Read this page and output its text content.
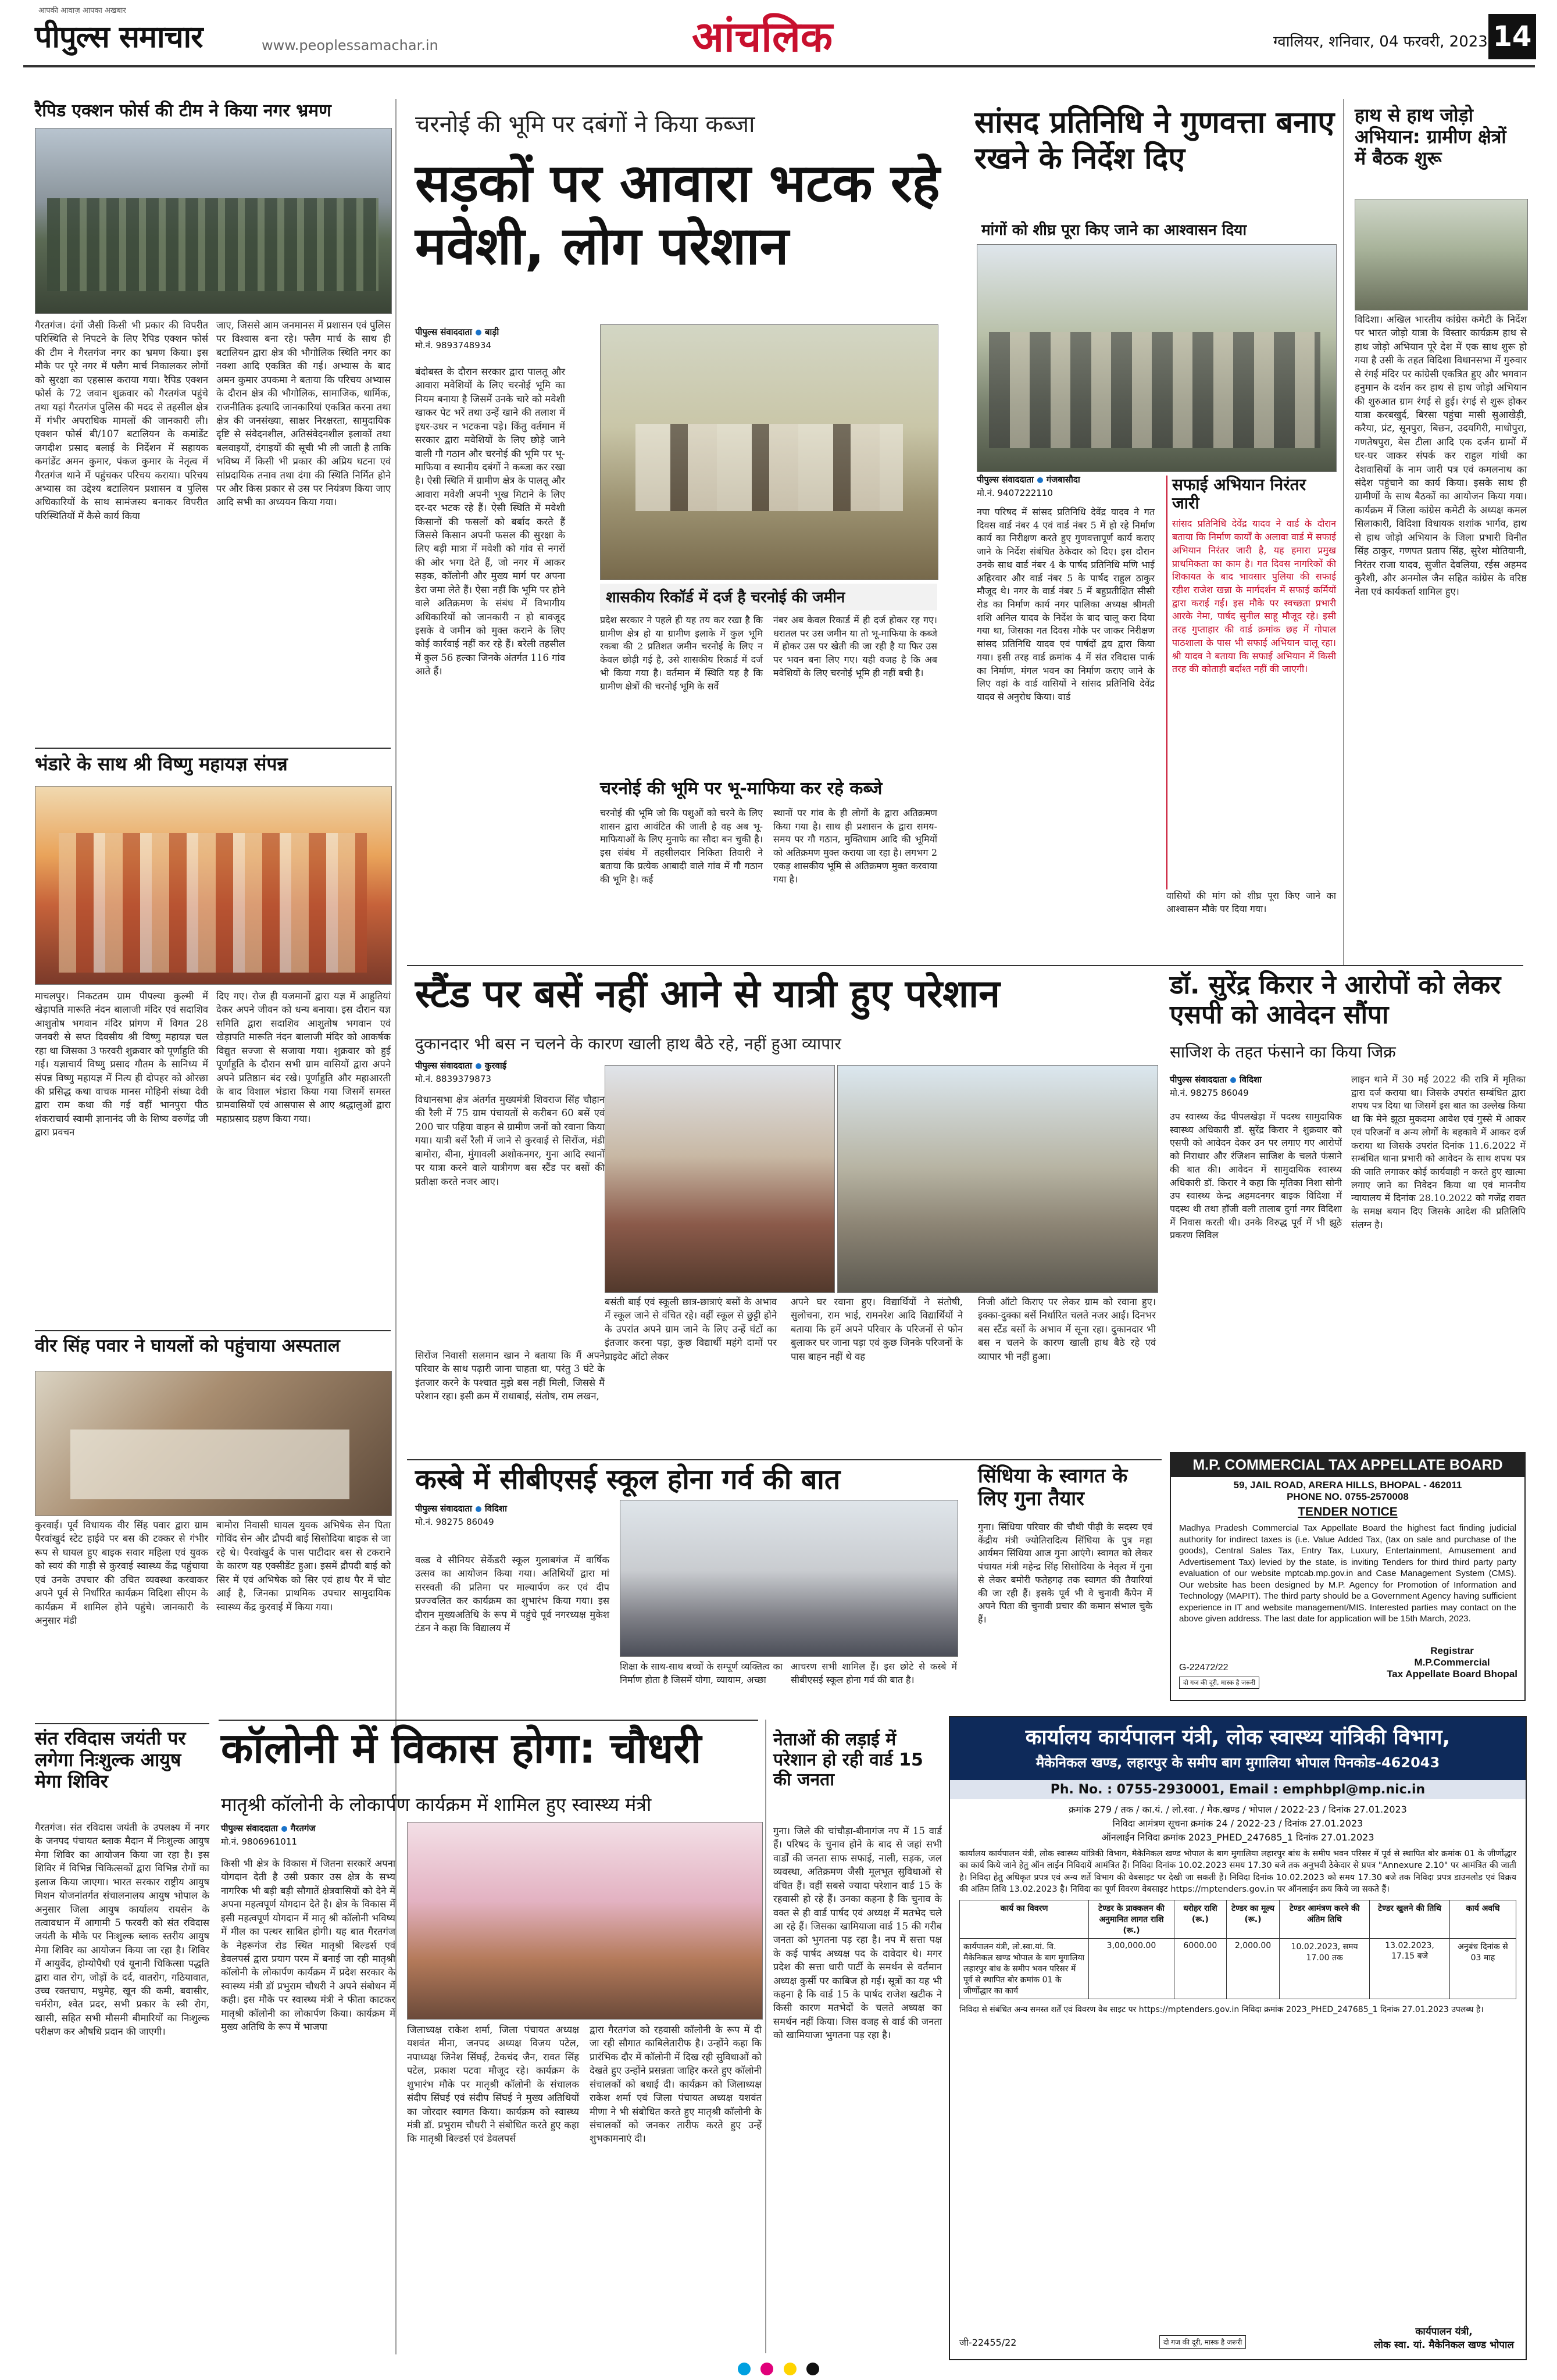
आपकी आवाज़ आपका अखबार
पीपुल्स समाचार	www.peoplessamachar.in	आंचलिक	ग्वालियर, शनिवार, 04 फरवरी, 2023 14
रैपिड एक्शन फोर्स की टीम ने किया नगर भ्रमण

गैरतगंज। दंगों जैसी किसी भी प्रकार की विपरीत परिस्थिति से निपटने के लिए रैपिड एक्शन फोर्स की टीम ने गैरतगंज नगर का भ्रमण किया। इस मौके पर पूरे नगर में फ्लैग मार्च निकालकर लोगों को सुरक्षा का एहसास कराया गया। रैपिड एक्शन फोर्स के 72 जवान शुक्रवार को गैरतगंज पहुंचे तथा यहां गैरतगंज पुलिस की मदद से तहसील क्षेत्र में गंभीर अपराधिक मामलों की जानकारी ली। एक्शन फोर्स बी/107 बटालियन के कमांडेंट जगदीश प्रसाद बलाई के निर्देशन में सहायक कमांडेंट अमन कुमार, पंकज कुमार के नेतृत्व में गैरतगंज थाने में पहुंचकर परिचय कराया। परिचय अभ्यास का उद्देश्य बटालियन प्रशासन व पुलिस अधिकारियों के साथ सामंजस्य बनाकर विपरीत परिस्थितियों में कैसे कार्य किया

जाए, जिससे आम जनमानस में प्रशासन एवं पुलिस पर विश्वास बना रहे। फ्लैग मार्च के साथ ही बटालियन द्वारा क्षेत्र की भौगोलिक स्थिति नगर का नक्शा आदि एकत्रित की गई। अभ्यास के बाद अमन कुमार उपकमा ने बताया कि परिचय अभ्यास के दौरान क्षेत्र की भौगोलिक, सामाजिक, धार्मिक, राजनीतिक इत्यादि जानकारियां एकत्रित करना तथा क्षेत्र की जनसंख्या, साक्षर निरक्षरता, सामुदायिक दृष्टि से संवेदनशील, अतिसंवेदनशील इलाकों तथा बलवाइयों, दंगाइयों की सूची भी ली जाती है ताकि भविष्य में किसी भी प्रकार की अप्रिय घटना एवं सांप्रदायिक तनाव तथा दंगा की स्थिति निर्मित होने पर और किस प्रकार से उस पर नियंत्रण किया जाए आदि सभी का अध्ययन किया गया।

भंडारे के साथ श्री विष्णु महायज्ञ संपन्न

माचलपुर। निकटतम ग्राम पीपल्या कुल्मी में खेड़ापति मारूति नंदन बालाजी मंदिर एवं सदाशिव आशुतोष भगवान मंदिर प्रांगण में विगत 28 जनवरी से सप्त दिवसीय श्री विष्णु महायज्ञ चल रहा था जिसका 3 फरवरी शुक्रवार को पूर्णाहुति की गई। यज्ञाचार्य विष्णु प्रसाद गौतम के सानिध्य में संपन्न विष्णु महायज्ञ में नित्य ही दोपहर को ओरछा की प्रसिद्ध कथा वाचक मानस मोहिनी संध्या देवी द्वारा राम कथा की गई वहीं भानपुरा पीठ शंकराचार्य स्वामी ज्ञानानंद जी के शिष्य वरुणेंद्र जी द्वारा प्रवचन

दिए गए। रोज ही यजमानों द्वारा यज्ञ में आहुतियां देकर अपने जीवन को धन्य बनाया। इस दौरान यज्ञ समिति द्वारा सदाशिव आशुतोष भगवान एवं खेड़ापति मारूति नंदन बालाजी मंदिर को आकर्षक विद्युत सज्जा से सजाया गया। शुक्रवार को हुई पूर्णाहुति के दौरान सभी ग्राम वासियों द्वारा अपने अपने प्रतिष्ठान बंद रखे। पूर्णाहुति और महाआरती के बाद विशाल भंडारा किया गया जिसमें समस्त ग्रामवासियों एवं आसपास से आए श्रद्धालुओं द्वारा महाप्रसाद ग्रहण किया गया।

वीर सिंह पवार ने घायलों को पहुंचाया अस्पताल

कुरवाई। पूर्व विधायक वीर सिंह पवार द्वारा ग्राम पैरवांखुर्द स्टेट हाईवे पर बस की टक्कर से गंभीर रूप से घायल हुए बाइक सवार महिला एवं युवक को स्वयं की गाड़ी से कुरवाई स्वास्थ्य केंद्र पहुंचाया एवं उनके उपचार की उचित व्यवस्था करवाकर अपने पूर्व से निर्धारित कार्यक्रम विदिशा सीएम के कार्यक्रम में शामिल होने पहुंचे। जानकारी के अनुसार मंडी

बामोरा निवासी घायल युवक अभिषेक सेन पिता गोविंद सेन और द्रौपदी बाई सिसोदिया बाइक से जा रहे थे। पैरवांखुर्द के पास पाटीदार बस से टकराने के कारण यह एक्सीडेंट हुआ। इसमें द्रौपदी बाई को सिर में एवं अभिषेक को सिर एवं हाथ पैर में चोट आई है, जिनका प्राथमिक उपचार सामुदायिक स्वास्थ्य केंद्र कुरवाई में किया गया।

संत रविदास जयंती पर लगेगा निःशुल्क आयुष मेगा शिविर

गैरतगंज। संत रविदास जयंती के उपलक्ष्य में नगर के जनपद पंचायत ब्लाक मैदान में निःशुल्क आयुष मेगा शिविर का आयोजन किया जा रहा है। इस शिविर में विभिन्न चिकित्सकों द्वारा विभिन्न रोगों का इलाज किया जाएगा। भारत सरकार राष्ट्रीय आयुष मिशन योजनांतर्गत संचालनालय आयुष भोपाल के अनुसार जिला आयुष कार्यालय रायसेन के तत्वावधान में आगामी 5 फरवरी को संत रविदास जयंती के मौके पर निःशुल्क ब्लाक स्तरीय आयुष मेगा शिविर का आयोजन किया जा रहा है। शिविर में आयुर्वेद, होम्योपैथी एवं यूनानी चिकित्सा पद्धति द्वारा वात रोग, जोड़ों के दर्द, वातरोग, गठियावात, उच्च रक्तचाप, मधुमेह, खून की कमी, बवासीर, चर्मरोग, श्वेत प्रदर, सभी प्रकार के स्त्री रोग, खासी, सहित सभी मौसमी बीमारियों का निःशुल्क परीक्षण कर औषधि प्रदान की जाएगी।

चरनोई की भूमि पर दबंगों ने किया कब्जा
सड़कों पर आवारा भटक रहे मवेशी, लोग परेशान
पीपुल्स संवाददाता बाड़ी
मो.नं. 9893748934

बंदोबस्त के दौरान सरकार द्वारा पालतू और आवारा मवेशियों के लिए चरनोई भूमि का नियम बनाया है जिसमें उनके चारे को मवेशी खाकर पेट भरें तथा उन्हें खाने की तलाश में इधर-उधर न भटकना पड़े। किंतु वर्तमान में सरकार द्वारा मवेशियों के लिए छोड़े जाने वाली गौ गठान और चरनोई की भूमि पर भू-माफिया व स्थानीय दबंगों ने कब्जा कर रखा है। ऐसी स्थिति में ग्रामीण क्षेत्र के पालतू और आवारा मवेशी अपनी भूख मिटाने के लिए दर-दर भटक रहे हैं। ऐसी स्थिति में मवेशी किसानों की फसलों को बर्बाद करते हैं जिससे किसान अपनी फसल की सुरक्षा के लिए बड़ी मात्रा में मवेशी को गांव से नगरों की ओर भगा देते हैं, जो नगर में आकर सड़क, कॉलोनी और मुख्य मार्ग पर अपना डेरा जमा लेते हैं। ऐसा नहीं कि भूमि पर होने वाले अतिक्रमण के संबंध में विभागीय अधिकारियों को जानकारी न हो बावजूद इसके वे जमीन को मुक्त कराने के लिए कोई कार्रवाई नहीं कर रहे हैं। बरेली तहसील में कुल 56 हल्का जिनके अंतर्गत 116 गांव आते हैं।

शासकीय रिकॉर्ड में दर्ज है चरनोई की जमीन

प्रदेश सरकार ने पहले ही यह तय कर रखा है कि ग्रामीण क्षेत्र हो या ग्रामीण इलाके में कुल भूमि रकबा की 2 प्रतिशत जमीन चरनोई के लिए न केवल छोड़ी गई है, उसे शासकीय रिकार्ड में दर्ज भी किया गया है। वर्तमान में स्थिति यह है कि ग्रामीण क्षेत्रों की चरनोई भूमि के सर्वे

नंबर अब केवल रिकार्ड में ही दर्ज होकर रह गए। धरातल पर उस जमीन या तो भू-माफिया के कब्जे में होकर उस पर खेती की जा रही है या फिर उस पर भवन बना लिए गए। यही वजह है कि अब मवेशियों के लिए चरनोई भूमि ही नहीं बची है।

चरनोई की भूमि पर भू-माफिया कर रहे कब्जे

चरनोई की भूमि जो कि पशुओं को चरने के लिए शासन द्वारा आवंटित की जाती है वह अब भू-माफियाओं के लिए मुनाफे का सौदा बन चुकी है। इस संबंध में तहसीलदार निकिता तिवारी ने बताया कि प्रत्येक आबादी वाले गांव में गौ गठान की भूमि है। कई

स्थानों पर गांव के ही लोगों के द्वारा अतिक्रमण किया गया है। साथ ही प्रशासन के द्वारा समय-समय पर गौ गठान, मुक्तिधाम आदि की भूमियों को अतिक्रमण मुक्त कराया जा रहा है। लगभग 2 एकड़ शासकीय भूमि से अतिक्रमण मुक्त करवाया गया है।

सांसद प्रतिनिधि ने गुणवत्ता बनाए रखने के निर्देश दिए
मांगों को शीघ्र पूरा किए जाने का आश्वासन दिया
पीपुल्स संवाददाता गंजबासौदा
मो.नं. 9407222110

नपा परिषद में सांसद प्रतिनिधि देवेंद्र यादव ने गत दिवस वार्ड नंबर 4 एवं वार्ड नंबर 5 में हो रहे निर्माण कार्य का निरीक्षण करते हुए गुणवत्तापूर्ण कार्य कराए जाने के निर्देश संबंधित ठेकेदार को दिए। इस दौरान उनके साथ वार्ड नंबर 4 के पार्षद प्रतिनिधि मणि भाई अहिरवार और वार्ड नंबर 5 के पार्षद राहुल ठाकुर मौजूद थे। नगर के वार्ड नंबर 5 में बहुप्रतीक्षित सीसी रोड का निर्माण कार्य नगर पालिका अध्यक्ष श्रीमती शशि अनिल यादव के निर्देश के बाद चालू करा दिया गया था, जिसका गत दिवस मौके पर जाकर निरीक्षण सांसद प्रतिनिधि यादव एवं पार्षदों द्वय द्वारा किया गया। इसी तरह वार्ड क्रमांक 4 में संत रविदास पार्क का निर्माण, मंगल भवन का निर्माण कराए जाने के लिए वहां के वार्ड वासियों ने सांसद प्रतिनिधि देवेंद्र यादव से अनुरोध किया। वार्ड

सफाई अभियान निरंतर जारी

सांसद प्रतिनिधि देवेंद्र यादव ने वार्ड के दौरान बताया कि निर्माण कार्यों के अलावा वार्ड में सफाई अभियान निरंतर जारी है, यह हमारा प्रमुख प्राथमिकता का काम है। गत दिवस नागरिकों की शिकायत के बाद भावसार पुलिया की सफाई रहीश राजेश खन्ना के मार्गदर्शन में सफाई कर्मियों द्वारा कराई गई। इस मौके पर स्वच्छता प्रभारी आरके नेमा, पार्षद सुनील साहू मौजूद रहे। इसी तरह गुप्ताहार की वार्ड क्रमांक छह में गोपाल पाठशाला के पास भी सफाई अभियान चालू रहा। श्री यादव ने बताया कि सफाई अभियान में किसी तरह की कोताही बर्दाश्त नहीं की जाएगी।

वासियों की मांग को शीघ्र पूरा किए जाने का आश्वासन मौके पर दिया गया।

हाथ से हाथ जोड़ो अभियान: ग्रामीण क्षेत्रों में बैठक शुरू

विदिशा। अखिल भारतीय कांग्रेस कमेटी के निर्देश पर भारत जोड़ो यात्रा के विस्तार कार्यक्रम हाथ से हाथ जोड़ो अभियान पूरे देश में एक साथ शुरू हो गया है उसी के तहत विदिशा विधानसभा में गुरुवार से रंगई मंदिर पर कांग्रेसी एकत्रित हुए और भगवान हनुमान के दर्शन कर हाथ से हाथ जोड़ो अभियान की शुरुआत ग्राम रंगई से हुई। रंगई से शुरू होकर यात्रा करबखुर्द, बिरसा पहुंचा मासी सुआखेड़ी, करैया, प्रंट, सूनपुरा, बिछन, उदयगिरी, माधोपुरा, गणतेषपुरा, बेस टीला आदि एक दर्जन ग्रामों में घर-घर जाकर संपर्क कर राहुल गांधी का देशवासियों के नाम जारी पत्र एवं कमलनाथ का संदेश पहुंचाने का कार्य किया। इसके साथ ही ग्रामीणों के साथ बैठकों का आयोजन किया गया। कार्यक्रम में जिला कांग्रेस कमेटी के अध्यक्ष कमल सिलाकारी, विदिशा विधायक शशांक भार्गव, हाथ से हाथ जोड़ो अभियान के जिला प्रभारी विनीत सिंह ठाकुर, गणपत प्रताप सिंह, सुरेश मोतियानी, निरंतर राजा यादव, सुजीत देवलिया, रईस अहमद कुरैशी, और अनमोल जैन सहित कांग्रेस के वरिष्ठ नेता एवं कार्यकर्ता शामिल हुए।

स्टैंड पर बसें नहीं आने से यात्री हुए परेशान
दुकानदार भी बस न चलने के कारण खाली हाथ बैठे रहे, नहीं हुआ व्यापार
पीपुल्स संवाददाता कुरवाई
मो.नं. 8839379873

विधानसभा क्षेत्र अंतर्गत मुख्यमंत्री शिवराज सिंह चौहान की रैली में 75 ग्राम पंचायतों से करीबन 60 बसें एवं 200 चार पहिया वाहन से ग्रामीण जनों को रवाना किया गया। यात्री बसें रैली में जाने से कुरवाई से सिरोंज, मंडी बामोरा, बीना, मुंगावली अशोकनगर, गुना आदि स्थानों पर यात्रा करने वाले यात्रीगण बस स्टैंड पर बसों की प्रतीक्षा करते नजर आए।

सिरोंज निवासी सलमान खान ने बताया कि मैं अपने परिवार के साथ पढ़ारी जाना चाहता था, परंतु 3 घंटे के इंतजार करने के पश्चात मुझे बस नहीं मिली, जिससे मैं परेशान रहा। इसी क्रम में राधाबाई, संतोष, राम लखन,

बसंती बाई एवं स्कूली छात्र-छात्राएं बसों के अभाव में स्कूल जाने से वंचित रहे। वहीं स्कूल से छुट्टी होने के उपरांत अपने ग्राम जाने के लिए उन्हें घंटों का इंतजार करना पड़ा, कुछ विद्यार्थी महंगे दामों पर प्राइवेट ऑटो लेकर

अपने घर रवाना हुए। विद्यार्थियों ने संतोषी, सुलोचना, राम भाई, रामनरेश आदि विद्यार्थियों ने बताया कि हमें अपने परिवार के परिजनों से फोन बुलाकर घर जाना पड़ा एवं कुछ जिनके परिजनों के पास बाहन नहीं थे वह

निजी ऑटो किराए पर लेकर ग्राम को रवाना हुए। इक्का-दुक्का बसें निर्धारित चलते नजर आई। दिनभर बस स्टैंड बसों के अभाव में सूना रहा। दुकानदार भी बस न चलने के कारण खाली हाथ बैठे रहे एवं व्यापार भी नहीं हुआ।

डॉ. सुरेंद्र किरार ने आरोपों को लेकर एसपी को आवेदन सौंपा
साजिश के तहत फंसाने का किया जिक्र
पीपुल्स संवाददाता विदिशा
मो.नं. 98275 86049

उप स्वास्थ्य केंद्र पीपलखेड़ा में पदस्थ सामुदायिक स्वास्थ्य अधिकारी डॉ. सुरेंद्र किरार ने शुक्रवार को एसपी को आवेदन देकर उन पर लगाए गए आरोपों को निराधार और रंजिशन साजिश के चलते फंसाने की बात की। आवेदन में सामुदायिक स्वास्थ्य अधिकारी डॉ. किरार ने कहा कि मृतिका निशा सोनी उप स्वास्थ्य केन्द्र अहमदनगर बाइक विदिशा में पदस्थ थी तथा हॉजी वली तालाब दुर्गा नगर विदिशा में निवास करती थी। उनके विरुद्ध पूर्व में भी झूठे प्रकरण सिविल

लाइन थाने में 30 मई 2022 की रात्रि में मृतिका द्वारा दर्ज कराया था। जिसके उपरांत सम्बंधित द्वारा शपथ पत्र दिया था जिसमें इस बात का उल्लेख किया था कि मेने झूठा मुकदमा आवेश एवं गुस्से में आकर एवं परिजनों व अन्य लोगों के बहकावे में आकर दर्ज कराया था जिसके उपरांत दिनांक 11.6.2022 में सम्बंधित थाना प्रभारी को आवेदन के साथ शपथ पत्र की जाति लगाकर कोई कार्यवाही न करते हुए खात्मा लगाए जाने का निवेदन किया था एवं माननीय न्यायालय में दिनांक 28.10.2022 को गजेंद्र रावत के समक्ष बयान दिए जिसके आदेश की प्रतिलिपि संलग्न है।

कस्बे में सीबीएसई स्कूल होना गर्व की बात
पीपुल्स संवाददाता विदिशा
मो.नं. 98275 86049

वल्र्ड वे सीनियर सेकेंडरी स्कूल गुलाबगंज में वार्षिक उत्सव का आयोजन किया गया। अतिथियों द्वारा मां सरस्वती की प्रतिमा पर माल्यार्पण कर एवं दीप प्रज्ज्वलित कर कार्यक्रम का शुभारंभ किया गया। इस दौरान मुख्यअतिथि के रूप में पहुंचे पूर्व नगरध्यक्ष मुकेश टंडन ने कहा कि विद्यालय में

शिक्षा के साथ-साथ बच्चों के सम्पूर्ण व्यक्तित्व का निर्माण होता है जिसमें योगा, व्यायाम, अच्छा

आचरण सभी शामिल हैं। इस छोटे से कस्बे में सीबीएसई स्कूल होना गर्व की बात है।

सिंधिया के स्वागत के लिए गुना तैयार

गुना। सिंधिया परिवार की चौथी पीढ़ी के सदस्य एवं केंद्रीय मंत्री ज्योतिरादित्य सिंधिया के पुत्र महा आर्यमन सिंधिया आज गुना आएंगे। स्वागत को लेकर पंचायत मंत्री महेन्द्र सिंह सिसोदिया के नेतृत्व में गुना से लेकर बमोरी फतेहगढ़ तक स्वागत की तैयारियां की जा रही हैं। इसके पूर्व भी वे चुनावी कैंपेन में अपने पिता की चुनावी प्रचार की कमान संभाल चुके हैं।

M.P. COMMERCIAL TAX APPELLATE BOARD
59, JAIL ROAD, ARERA HILLS, BHOPAL - 462011
PHONE NO. 0755-2570008
TENDER NOTICE

Madhya Pradesh Commercial Tax Appellate Board the highest fact finding judicial authority for indirect taxes is (i.e. Value Added Tax, (tax on sale and purchase of the goods), Central Sales Tax, Entry Tax, Luxury, Entertainment, Amusement and Advertisement Tax) levied by the state, is inviting Tenders for third third party party evaluation of our website mptcab.mp.gov.in and Case Management System (CMS). Our website has been designed by M.P. Agency for Promotion of Information and Technology (MAPIT). The third party should be a Government Agency having sufficient experience in IT and website management/MIS. Interested parties may contact on the above given address. The last date for application will be 15th March, 2023.

G-22472/22
दो गज की दूरी, मास्क है जरूरी
Registrar
M.P.Commercial
Tax Appellate Board Bhopal
कॉलोनी में विकास होगा: चौधरी
मातृश्री कॉलोनी के लोकार्पण कार्यक्रम में शामिल हुए स्वास्थ्य मंत्री
पीपुल्स संवाददाता गैरतगंज
मो.नं. 9806961011

किसी भी क्षेत्र के विकास में जितना सरकारें अपना योगदान देती है उसी प्रकार उस क्षेत्र के सभ्य नागरिक भी बड़ी बड़ी सौगातें क्षेत्रवासियों को देने में अपना महत्वपूर्ण योगदान देते है। क्षेत्र के विकास में इसी महत्वपूर्ण योगदान में मातृ श्री कॉलोनी भविष्य में मील का पत्थर साबित होगी। यह बात गैरतगंज के नेहरूगंज रोड स्थित मातृश्री बिल्डर्स एवं डेवलपर्स द्वारा प्रयाग परम में बनाई जा रही मातृश्री कॉलोनी के लोकार्पण कार्यक्रम में प्रदेश सरकार के स्वास्थ्य मंत्री डॉ प्रभुराम चौधरी ने अपने संबोधन में कही। इस मौके पर स्वास्थ्य मंत्री ने फीता काटकर मातृश्री कॉलोनी का लोकार्पण किया। कार्यक्रम में मुख्य अतिथि के रूप में भाजपा	जिलाध्यक्ष राकेश शर्मा, जिला पंचायत अध्यक्ष यशवंत मीना, जनपद अध्यक्ष विजय पटेल, नपाध्यक्ष जिनेश सिंघई, टेकचंद जैन, रावत सिंह पटेल, प्रकाश पटवा मौजूद रहे। कार्यक्रम के शुभारंभ मौके पर मातृश्री कॉलोनी के संचालक संदीप सिंघई एवं संदीप सिंघई ने मुख्य अतिथियों का जोरदार स्वागत किया। कार्यक्रम को स्वास्थ्य मंत्री डॉ. प्रभुराम चौधरी ने संबोधित करते हुए कहा कि मातृश्री बिल्डर्स एवं डेवलपर्स

द्वारा गैरतगंज को रहवासी कॉलोनी के रूप में दी जा रही सौगात काबिलेतारीफ है। उन्होंने कहा कि प्रारंभिक दौर में कॉलोनी में दिख रही सुविधाओं को देखते हुए उन्होंने प्रसन्नता जाहिर करते हुए कॉलोनी संचालकों को बधाई दी। कार्यक्रम को जिलाध्यक्ष राकेश शर्मा एवं जिला पंचायत अध्यक्ष यशवंत मीणा ने भी संबोधित करते हुए मातृश्री कॉलोनी के संचालकों को जनकर तारीफ करते हुए उन्हें शुभकामनाएं दी।

नेताओं की लड़ाई में परेशान हो रही वार्ड 15 की जनता

गुना। जिले की चांचौड़ा-बीनागंज नप में 15 वार्ड हैं। परिषद के चुनाव होने के बाद से जहां सभी वार्डों की जनता साफ सफाई, नाली, सड़क, जल व्यवस्था, अतिक्रमण जैसी मूलभूत सुविधाओं से वंचित हैं। वहीं सबसे ज्यादा परेशान वार्ड 15 के रहवासी हो रहे हैं। उनका कहना है कि चुनाव के वक्त से ही वार्ड पार्षद एवं अध्यक्ष में मतभेद चले आ रहे हैं। जिसका खामियाजा वार्ड 15 की गरीब जनता को भुगतना पड़ रहा है। नप में सत्ता पक्ष के कई पार्षद अध्यक्ष पद के दावेदार थे। मगर प्रदेश की सत्ता धारी पार्टी के समर्थन से वर्तमान अध्यक्ष कुर्सी पर काबिज हो गई। सूत्रों का यह भी कहना है कि वार्ड 15 के पार्षद राजेश खटीक ने किसी कारण मतभेदों के चलते अध्यक्ष का समर्थन नहीं किया। जिस वजह से वार्ड की जनता को खामियाजा भुगतना पड़ रहा है।

कार्यालय कार्यपालन यंत्री, लोक स्वास्थ्य यांत्रिकी विभाग,
मैकेनिकल खण्ड, लहारपुर के समीप बाग मुगालिया भोपाल पिनकोड-462043
Ph. No. : 0755-2930001, Email : emphbpl@mp.nic.in
क्रमांक 279 / तक / का.यं. / लो.स्वा. / मैक.खण्ड / भोपाल / 2022-23 / दिनांक 27.01.2023
निविदा आमंत्रण सूचना क्रमांक 24 / 2022-23 / दिनांक 27.01.2023
ऑनलाईन निविदा क्रमांक 2023_PHED_247685_1 दिनांक 27.01.2023

कार्यालय कार्यपालन यंत्री, लोक स्वास्थ्य यांत्रिकी विभाग, मैकेनिकल खण्ड भोपाल के बाग मुगालिया लहारपुर बांध के समीप भवन परिसर में पूर्व से स्थापित बोर क्रमांक 01 के जीर्णोद्धार का कार्य किये जाने हेतु ऑन लाईन निविदायें आमंत्रित हैं। निविदा दिनांक 10.02.2023 समय 17.30 बजे तक अनुभवी ठेकेदार से प्रपत्र "Annexure 2.10" पर आमंत्रित की जाती है। निविदा हेतु अधिकृत प्रपत्र एवं अन्य शर्तें विभाग की वेबसाइट पर देखी जा सकती हैं। निविदा दिनांक 10.02.2023 को समय 17.30 बजे तक निविदा प्रपत्र डाउनलोड एवं विक्रय की अंतिम तिथि 13.02.2023 है। निविदा का पूर्ण विवरण वेबसाइट https://mptenders.gov.in पर ऑनलाईन क्रय किये जा सकते हैं।

कार्य का विवरण	टेण्डर के प्राक्कलन की अनुमानित लागत राशि (रू.)	धरोहर राशि (रू.)	टेण्डर का मूल्य (रू.)	टेण्डर आमंत्रण करने की अंतिम तिथि	टेण्डर खुलने की तिथि	कार्य अवधि
कार्यपालन यंत्री, लो.स्वा.यां. वि. मैकेनिकल खण्ड भोपाल के बाग मुगालिया लहारपुर बांध के समीप भवन परिसर में पूर्व से स्थापित बोर क्रमांक 01 के जीर्णोद्धार का कार्य	3,00,000.00	6000.00	2,000.00	10.02.2023, समय 17.00 तक	13.02.2023, 17.15 बजे	अनुबंध दिनांक से 03 माह

निविदा से संबंधित अन्य समस्त शर्तें एवं विवरण वेब साइट पर https://mptenders.gov.in निविदा क्रमांक 2023_PHED_247685_1 दिनांक 27.01.2023 उपलब्ध है।

जी-22455/22	दो गज की दूरी, मास्क है जरूरी
कार्यपालन यंत्री,
लोक स्वा. यां. मैकेनिकल खण्ड भोपाल
